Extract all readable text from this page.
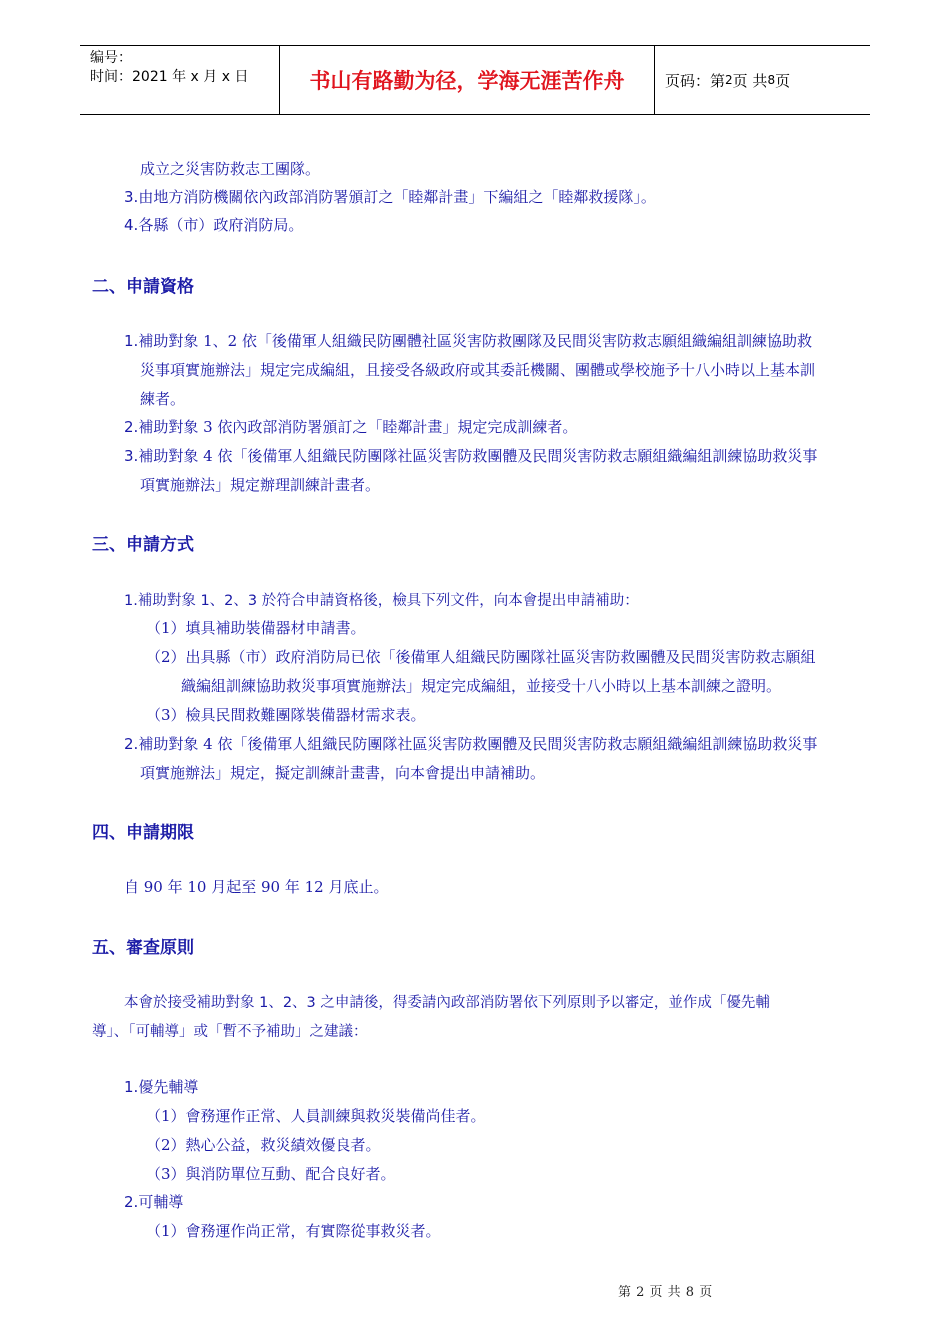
编号：
时间：2021 年 x 月 x 日	书山有路勤为径，学海无涯苦作舟	页码：第 2 页 共 8 页
成立之災害防救志工團隊。
3.由地方消防機關依內政部消防署頒訂之「睦鄰計畫」下編組之「睦鄰救援隊」。
4.各縣（市）政府消防局。
二、申請資格
1.補助對象 1、2 依「後備軍人組織民防團體社區災害防救團隊及民間災害防救志願組織編組訓練協助救
災事項實施辦法」規定完成編組，且接受各級政府或其委託機關、團體或學校施予十八小時以上基本訓
練者。
2.補助對象 3 依內政部消防署頒訂之「睦鄰計畫」規定完成訓練者。
3.補助對象 4 依「後備軍人組織民防團隊社區災害防救團體及民間災害防救志願組織編組訓練協助救災事
項實施辦法」規定辦理訓練計畫者。
三、申請方式
1.補助對象 1、2、3 於符合申請資格後，檢具下列文件，向本會提出申請補助：
（1）填具補助裝備器材申請書。
（2）出具縣（市）政府消防局已依「後備軍人組織民防團隊社區災害防救團體及民間災害防救志願組
織編組訓練協助救災事項實施辦法」規定完成編組，並接受十八小時以上基本訓練之證明。
（3）檢具民間救難團隊裝備器材需求表。
2.補助對象 4 依「後備軍人組織民防團隊社區災害防救團體及民間災害防救志願組織編組訓練協助救災事
項實施辦法」規定，擬定訓練計畫書，向本會提出申請補助。
四、申請期限
自 90 年 10 月起至 90 年 12 月底止。
五、審查原則
本會於接受補助對象 1、2、3 之申請後，得委請內政部消防署依下列原則予以審定，並作成「優先輔
導」、「可輔導」或「暫不予補助」之建議：
1.優先輔導
（1）會務運作正常、人員訓練與救災裝備尚佳者。
（2）熱心公益，救災績效優良者。
（3）與消防單位互動、配合良好者。
2.可輔導
（1）會務運作尚正常，有實際從事救災者。
第 2 页 共 8 页
